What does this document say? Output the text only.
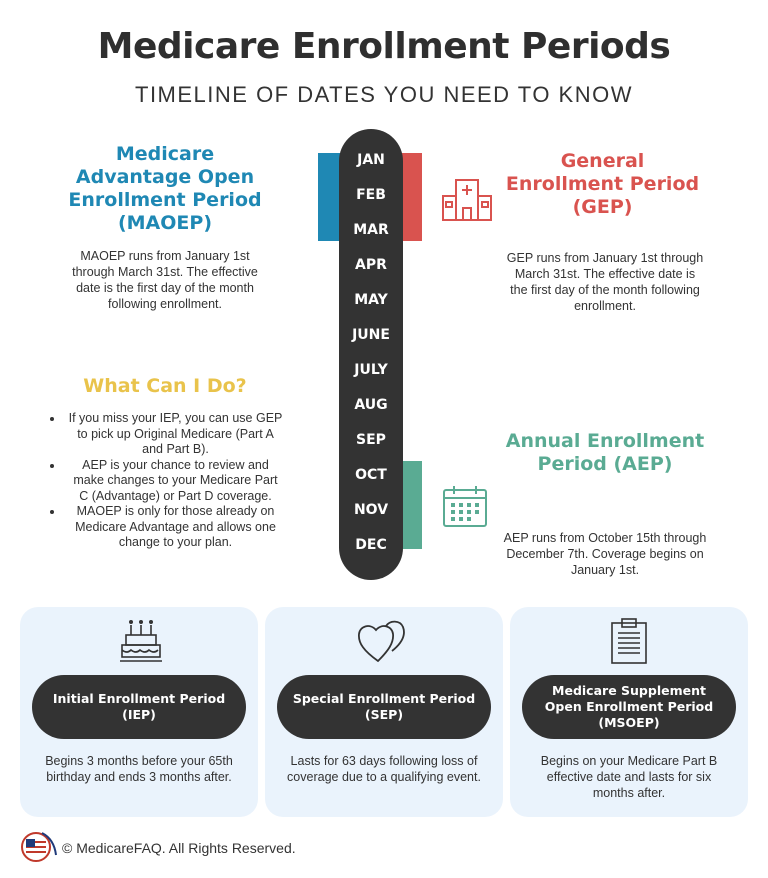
Medicare Enrollment Periods
TIMELINE OF DATES YOU NEED TO KNOW
Medicare Advantage Open Enrollment Period (MAOEP)
MAOEP runs from January 1st through March 31st. The effective date is the first day of the month following enrollment.
General Enrollment Period (GEP)
GEP runs from January 1st through March 31st. The effective date is the first day of the month following enrollment.
Annual Enrollment Period (AEP)
AEP runs from October 15th through December 7th. Coverage begins on January 1st.
What Can I Do?
If you miss your IEP, you can use GEP to pick up Original Medicare (Part A and Part B).
AEP is your chance to review and make changes to your Medicare Part C (Advantage) or Part D coverage.
MAOEP is only for those already on Medicare Advantage and allows one change to your plan.
JAN
FEB
MAR
APR
MAY
JUNE
JULY
AUG
SEP
OCT
NOV
DEC
Initial Enrollment Period (IEP)
Begins 3 months before your 65th birthday and ends 3 months after.
Special Enrollment Period (SEP)
Lasts for 63 days following loss of coverage due to a qualifying event.
Medicare Supplement Open Enrollment Period (MSOEP)
Begins on your Medicare Part B effective date and lasts for six months after.
© MedicareFAQ. All Rights Reserved.
